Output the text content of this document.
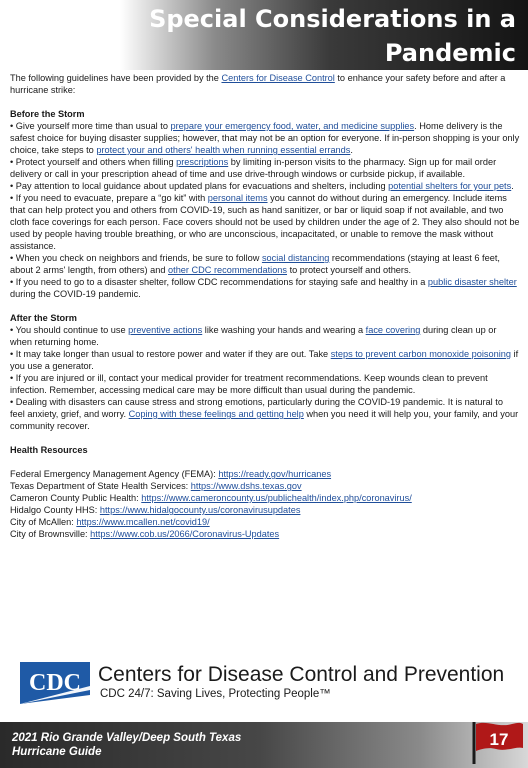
Special Considerations in a Pandemic

The following guidelines have been provided by the Centers for Disease Control to enhance your safety before and after a hurricane strike:

Before the Storm

• Give yourself more time than usual to prepare your emergency food, water, and medicine supplies. Home delivery is the safest choice for buying disaster supplies; however, that may not be an option for everyone. If in-person shopping is your only choice, take steps to protect your and others' health when running essential errands.

• Protect yourself and others when filling prescriptions by limiting in-person visits to the pharmacy. Sign up for mail order delivery or call in your prescription ahead of time and use drive-through windows or curbside pickup, if available.

• Pay attention to local guidance about updated plans for evacuations and shelters, including potential shelters for your pets.

• If you need to evacuate, prepare a “go kit” with personal items you cannot do without during an emergency. Include items that can help protect you and others from COVID-19, such as hand sanitizer, or bar or liquid soap if not available, and two cloth face coverings for each person. Face covers should not be used by children under the age of 2. They also should not be used by people having trouble breathing, or who are unconscious, incapacitated, or unable to remove the mask without assistance.

• When you check on neighbors and friends, be sure to follow social distancing recommendations (staying at least 6 feet, about 2 arms' length, from others) and other CDC recommendations to protect yourself and others.

• If you need to go to a disaster shelter, follow CDC recommendations for staying safe and healthy in a public disaster shelter during the COVID-19 pandemic.

After the Storm

• You should continue to use preventive actions like washing your hands and wearing a face covering during clean up or when returning home.

• It may take longer than usual to restore power and water if they are out. Take steps to prevent carbon monoxide poisoning if you use a generator.

• If you are injured or ill, contact your medical provider for treatment recommendations. Keep wounds clean to prevent infection. Remember, accessing medical care may be more difficult than usual during the pandemic.

• Dealing with disasters can cause stress and strong emotions, particularly during the COVID-19 pandemic. It is natural to feel anxiety, grief, and worry. Coping with these feelings and getting help when you need it will help you, your family, and your community recover.

Health Resources

Federal Emergency Management Agency (FEMA): https://ready.gov/hurricanes

Texas Department of State Health Services: https://www.dshs.texas.gov

Cameron County Public Health: https://www.cameroncounty.us/publichealth/index.php/coronavirus/

Hidalgo County HHS: https://www.hidalgocounty.us/coronavirusupdates

City of McAllen: https://www.mcallen.net/covid19/

City of Brownsville: https://www.cob.us/2066/Coronavirus-Updates

CDC Centers for Disease Control and Prevention
CDC 24/7: Saving Lives, Protecting People™
2021 Rio Grande Valley/Deep South Texas
Hurricane Guide
17
